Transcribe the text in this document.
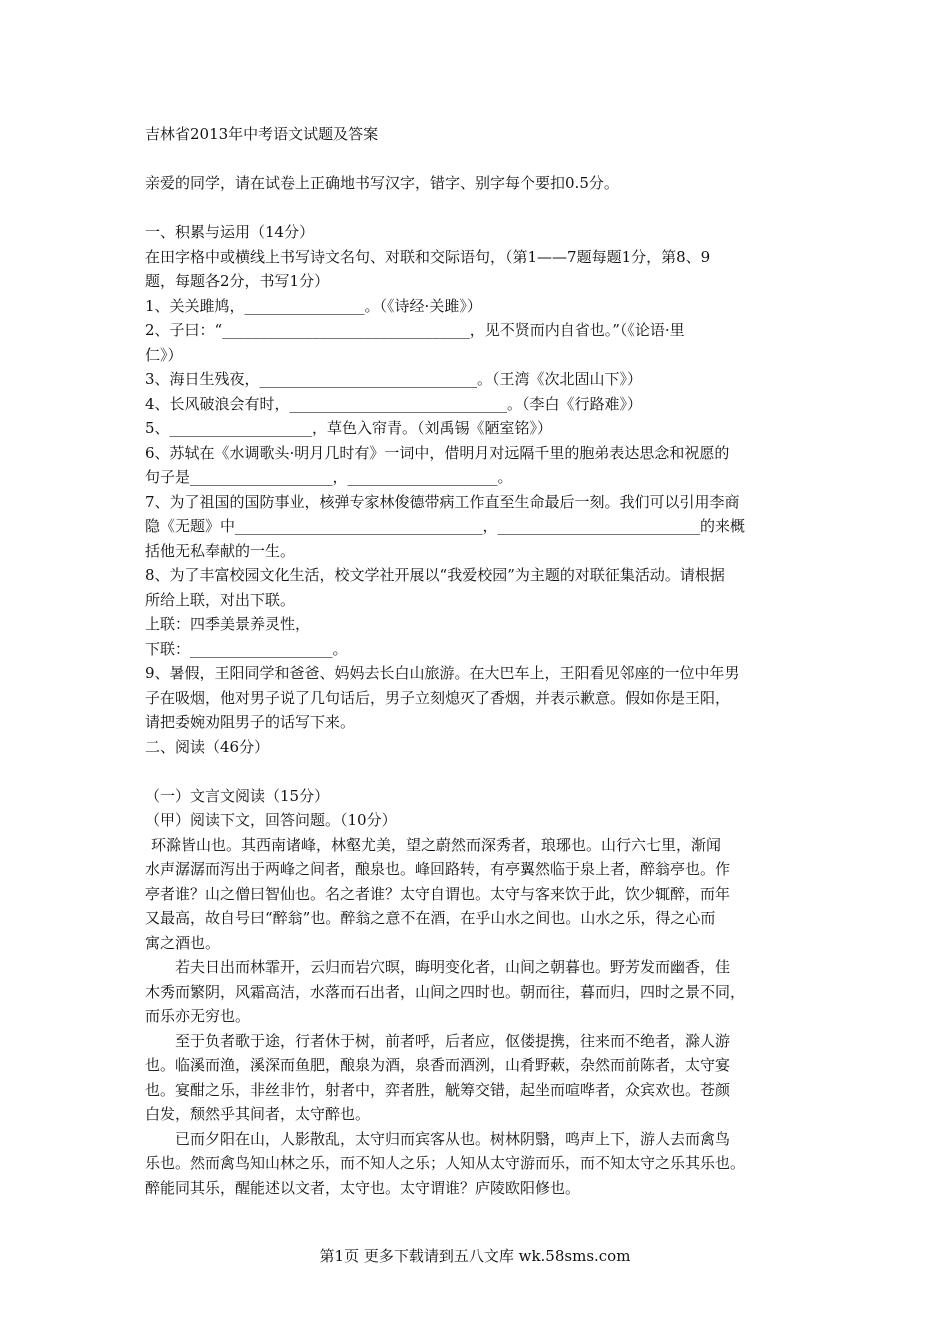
吉林省2013年中考语文试题及答案
亲爱的同学，请在试卷上正确地书写汉字，错字、别字每个要扣0.5分。
一、积累与运用（14分）
在田字格中或横线上书写诗文名句、对联和交际语句，（第1——7题每题1分，第8、9
题，每题各2分，书写1分）
1、关关雎鸠，________________。（《诗经·关雎》）
2、子曰：“_________________________________，见不贤而内自省也。”（《论语·里
仁》）
3、海日生残夜，_____________________________。（王湾《次北固山下》）
4、长风破浪会有时，_____________________________。（李白《行路难》）
5、___________________，草色入帘青。（刘禹锡《陋室铭》）
6、苏轼在《水调歌头·明月几时有》一词中，借明月对远隔千里的胞弟表达思念和祝愿的
句子是___________________，____________________。
7、为了祖国的国防事业，核弹专家林俊德带病工作直至生命最后一刻。我们可以引用李商
隐《无题》中_________________________________，___________________________的来概
括他无私奉献的一生。
8、为了丰富校园文化生活，校文学社开展以“我爱校园”为主题的对联征集活动。请根据
所给上联，对出下联。
上联：四季美景养灵性，
下联：___________________。
9、暑假，王阳同学和爸爸、妈妈去长白山旅游。在大巴车上，王阳看见邻座的一位中年男
子在吸烟，他对男子说了几句话后，男子立刻熄灭了香烟，并表示歉意。假如你是王阳，
请把委婉劝阻男子的话写下来。
二、阅读（46分）
（一）文言文阅读（15分）
（甲）阅读下文，回答问题。（10分）
环滁皆山也。其西南诸峰，林壑尤美，望之蔚然而深秀者，琅琊也。山行六七里，渐闻
水声潺潺而泻出于两峰之间者，酿泉也。峰回路转，有亭翼然临于泉上者，醉翁亭也。作
亭者谁？山之僧曰智仙也。名之者谁？太守自谓也。太守与客来饮于此，饮少辄醉，而年
又最高，故自号曰“醉翁”也。醉翁之意不在酒，在乎山水之间也。山水之乐，得之心而
寓之酒也。
若夫日出而林霏开，云归而岩穴暝，晦明变化者，山间之朝暮也。野芳发而幽香，佳
木秀而繁阴，风霜高洁，水落而石出者，山间之四时也。朝而往，暮而归，四时之景不同，
而乐亦无穷也。
至于负者歌于途，行者休于树，前者呼，后者应，伛偻提携，往来而不绝者，滁人游
也。临溪而渔，溪深而鱼肥，酿泉为酒，泉香而酒洌，山肴野蔌，杂然而前陈者，太守宴
也。宴酣之乐，非丝非竹，射者中，弈者胜，觥筹交错，起坐而喧哗者，众宾欢也。苍颜
白发，颓然乎其间者，太守醉也。
已而夕阳在山，人影散乱，太守归而宾客从也。树林阴翳，鸣声上下，游人去而禽鸟
乐也。然而禽鸟知山林之乐，而不知人之乐；人知从太守游而乐，而不知太守之乐其乐也。
醉能同其乐，醒能述以文者，太守也。太守谓谁？庐陵欧阳修也。
第1页 更多下载请到五八文库 wk.58sms.com
